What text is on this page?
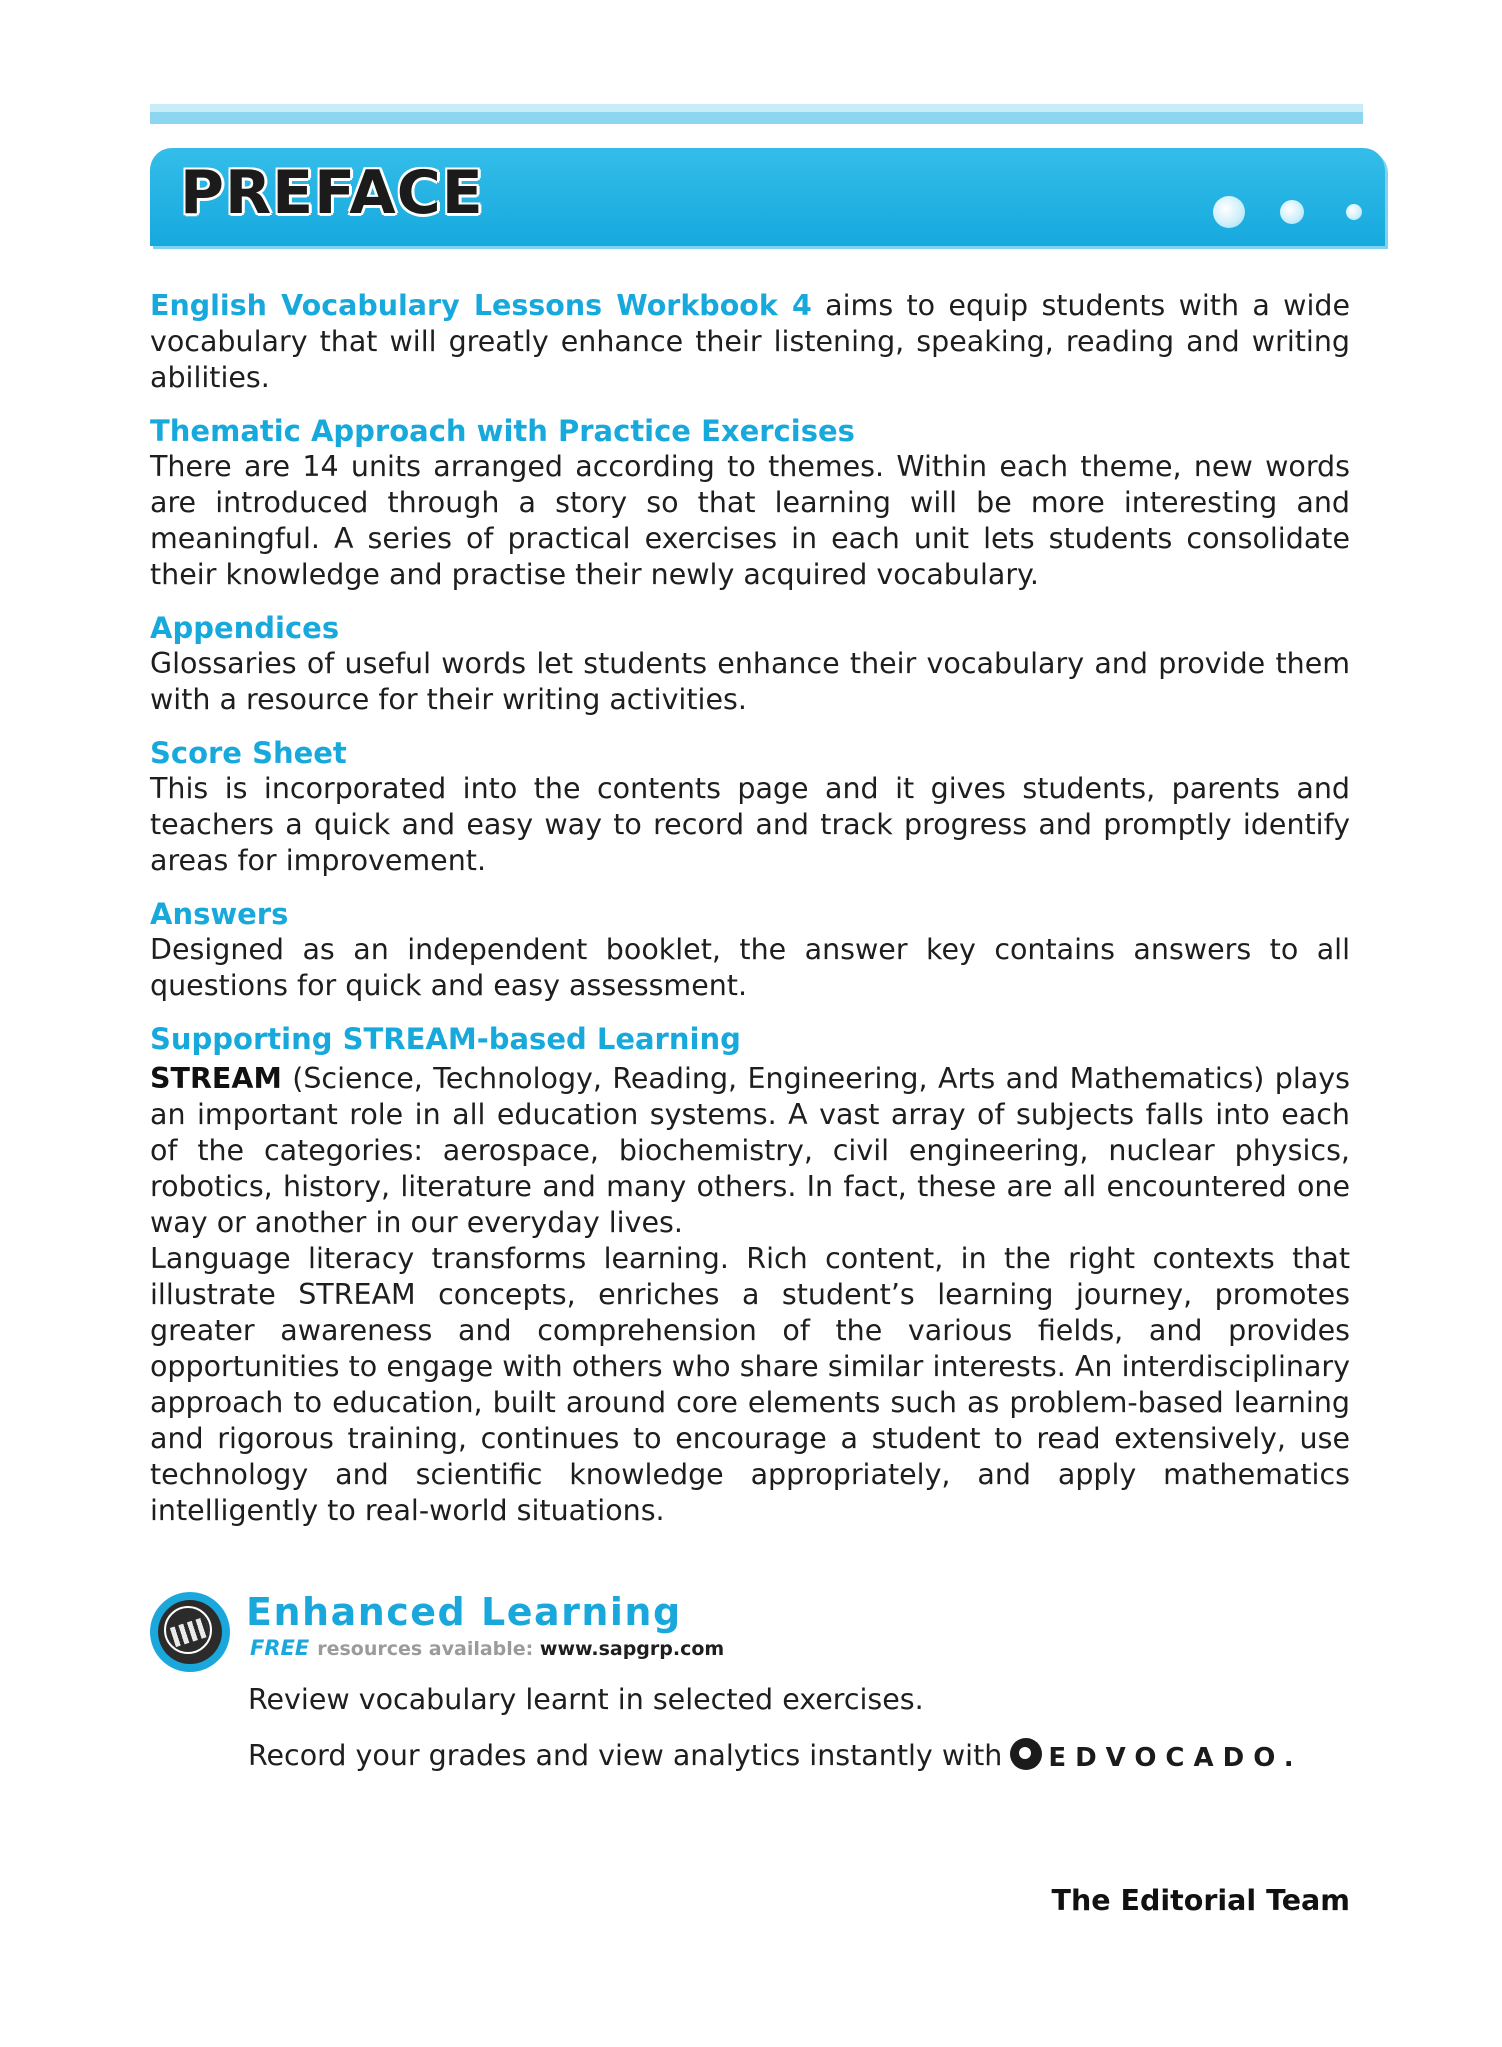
PREFACE

English Vocabulary Lessons Workbook 4 aims to equip students with a wide vocabulary that will greatly enhance their listening, speaking, reading and writing abilities.

Thematic Approach with Practice Exercises

There are 14 units arranged according to themes. Within each theme, new words are introduced through a story so that learning will be more interesting and meaningful. A series of practical exercises in each unit lets students consolidate their knowledge and practise their newly acquired vocabulary.

Appendices

Glossaries of useful words let students enhance their vocabulary and provide them with a resource for their writing activities.

Score Sheet

This is incorporated into the contents page and it gives students, parents and teachers a quick and easy way to record and track progress and promptly identify areas for improvement.

Answers

Designed as an independent booklet, the answer key contains answers to all questions for quick and easy assessment.

Supporting STREAM-based Learning

STREAM (Science, Technology, Reading, Engineering, Arts and Mathematics) plays an important role in all education systems. A vast array of subjects falls into each of the categories: aerospace, biochemistry, civil engineering, nuclear physics, robotics, history, literature and many others. In fact, these are all encountered one way or another in our everyday lives.

Language literacy transforms learning. Rich content, in the right contexts that illustrate STREAM concepts, enriches a student’s learning journey, promotes greater awareness and comprehension of the various fields, and provides opportunities to engage with others who share similar interests. An interdisciplinary approach to education, built around core elements such as problem-based learning and rigorous training, continues to encourage a student to read extensively, use technology and scientific knowledge appropriately, and apply mathematics intelligently to real-world situations.

Enhanced Learning
FREE resources available: www.sapgrp.com
Review vocabulary learnt in selected exercises.
Record your grades and view analytics instantly with EDVOCADO.
The Editorial Team
